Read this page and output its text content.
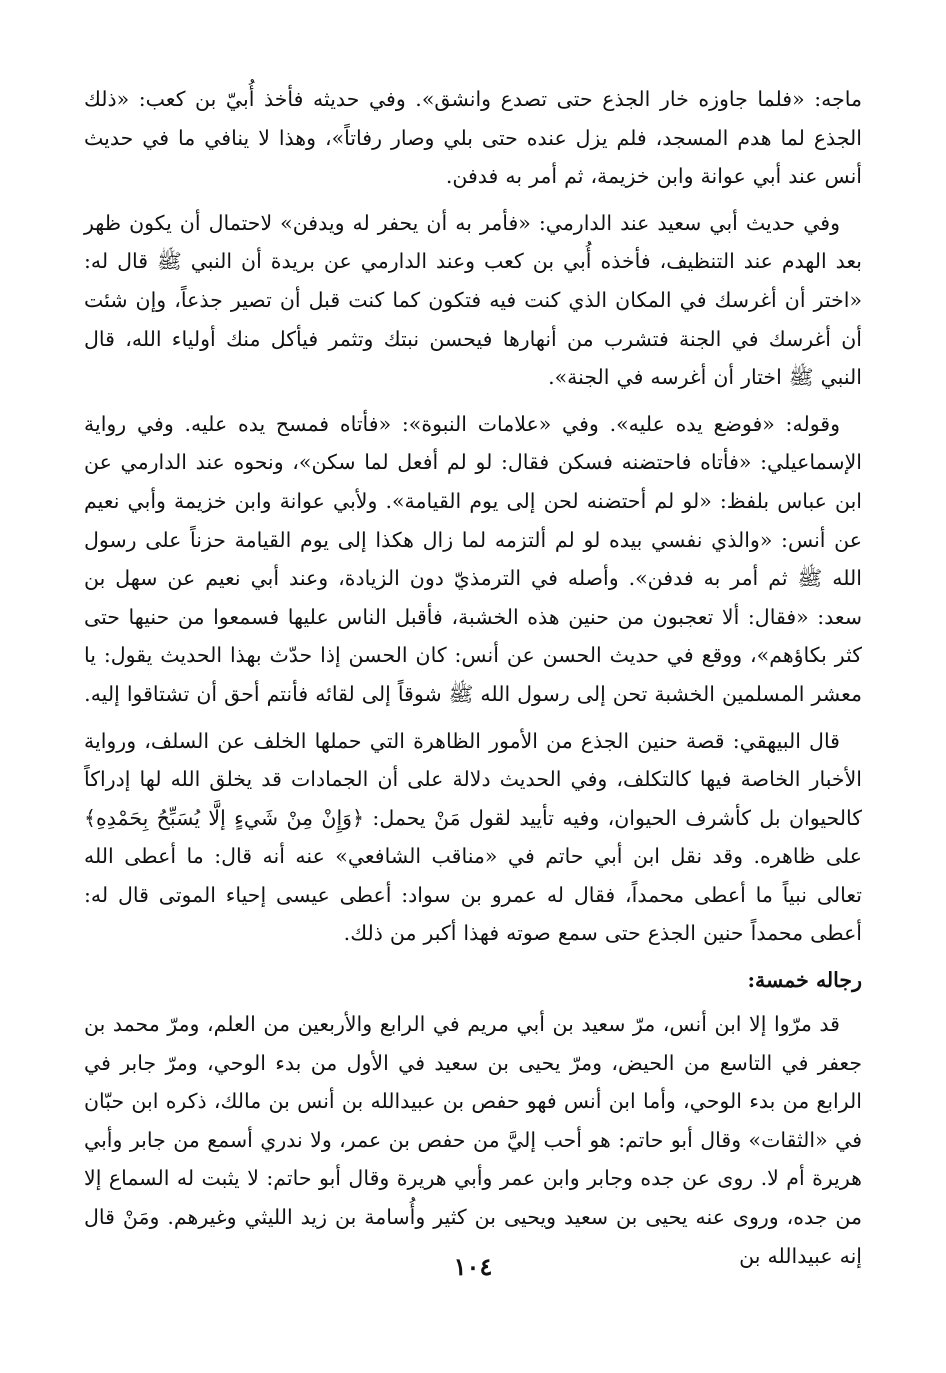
ماجه: «فلما جاوزه خار الجذع حتى تصدع وانشق». وفي حديثه فأخذ أُبيّ بن كعب: «ذلك الجذع لما هدم المسجد، فلم يزل عنده حتى بلي وصار رفاتاً»، وهذا لا ينافي ما في حديث أنس عند أبي عوانة وابن خزيمة، ثم أمر به فدفن.

وفي حديث أبي سعيد عند الدارمي: «فأمر به أن يحفر له ويدفن» لاحتمال أن يكون ظهر بعد الهدم عند التنظيف، فأخذه أُبي بن كعب وعند الدارمي عن بريدة أن النبي ﷺ قال له: «اختر أن أغرسك في المكان الذي كنت فيه فتكون كما كنت قبل أن تصير جذعاً، وإن شئت أن أغرسك في الجنة فتشرب من أنهارها فيحسن نبتك وتثمر فيأكل منك أولياء الله، قال النبي ﷺ اختار أن أغرسه في الجنة».

وقوله: «فوضع يده عليه». وفي «علامات النبوة»: «فأتاه فمسح يده عليه. وفي رواية الإسماعيلي: «فأتاه فاحتضنه فسكن فقال: لو لم أفعل لما سكن»، ونحوه عند الدارمي عن ابن عباس بلفظ: «لو لم أحتضنه لحن إلى يوم القيامة». ولأبي عوانة وابن خزيمة وأبي نعيم عن أنس: «والذي نفسي بيده لو لم ألتزمه لما زال هكذا إلى يوم القيامة حزناً على رسول الله ﷺ ثم أمر به فدفن». وأصله في الترمذيّ دون الزيادة، وعند أبي نعيم عن سهل بن سعد: «فقال: ألا تعجبون من حنين هذه الخشبة، فأقبل الناس عليها فسمعوا من حنيها حتى كثر بكاؤهم»، ووقع في حديث الحسن عن أنس: كان الحسن إذا حدّث بهذا الحديث يقول: يا معشر المسلمين الخشبة تحن إلى رسول الله ﷺ شوقاً إلى لقائه فأنتم أحق أن تشتاقوا إليه.

قال البيهقي: قصة حنين الجذع من الأمور الظاهرة التي حملها الخلف عن السلف، ورواية الأخبار الخاصة فيها كالتكلف، وفي الحديث دلالة على أن الجمادات قد يخلق الله لها إدراكاً كالحيوان بل كأشرف الحيوان، وفيه تأييد لقول مَنْ يحمل: ﴿وَإِنْ مِنْ شَيءٍ إلَّا يُسَبِّحُ بِحَمْدِهِ﴾ على ظاهره. وقد نقل ابن أبي حاتم في «مناقب الشافعي» عنه أنه قال: ما أعطى الله تعالى نبياً ما أعطى محمداً، فقال له عمرو بن سواد: أعطى عيسى إحياء الموتى قال له: أعطى محمداً حنين الجذع حتى سمع صوته فهذا أكبر من ذلك.

رجاله خمسة:

قد مرّوا إلا ابن أنس، مرّ سعيد بن أبي مريم في الرابع والأربعين من العلم، ومرّ محمد بن جعفر في التاسع من الحيض، ومرّ يحيى بن سعيد في الأول من بدء الوحي، ومرّ جابر في الرابع من بدء الوحي، وأما ابن أنس فهو حفص بن عبيدالله بن أنس بن مالك، ذكره ابن حبّان في «الثقات» وقال أبو حاتم: هو أحب إليَّ من حفص بن عمر، ولا ندري أسمع من جابر وأبي هريرة أم لا. روى عن جده وجابر وابن عمر وأبي هريرة وقال أبو حاتم: لا يثبت له السماع إلا من جده، وروى عنه يحيى بن سعيد ويحيى بن كثير وأُسامة بن زيد الليثي وغيرهم. ومَنْ قال إنه عبيدالله بن

١٠٤
